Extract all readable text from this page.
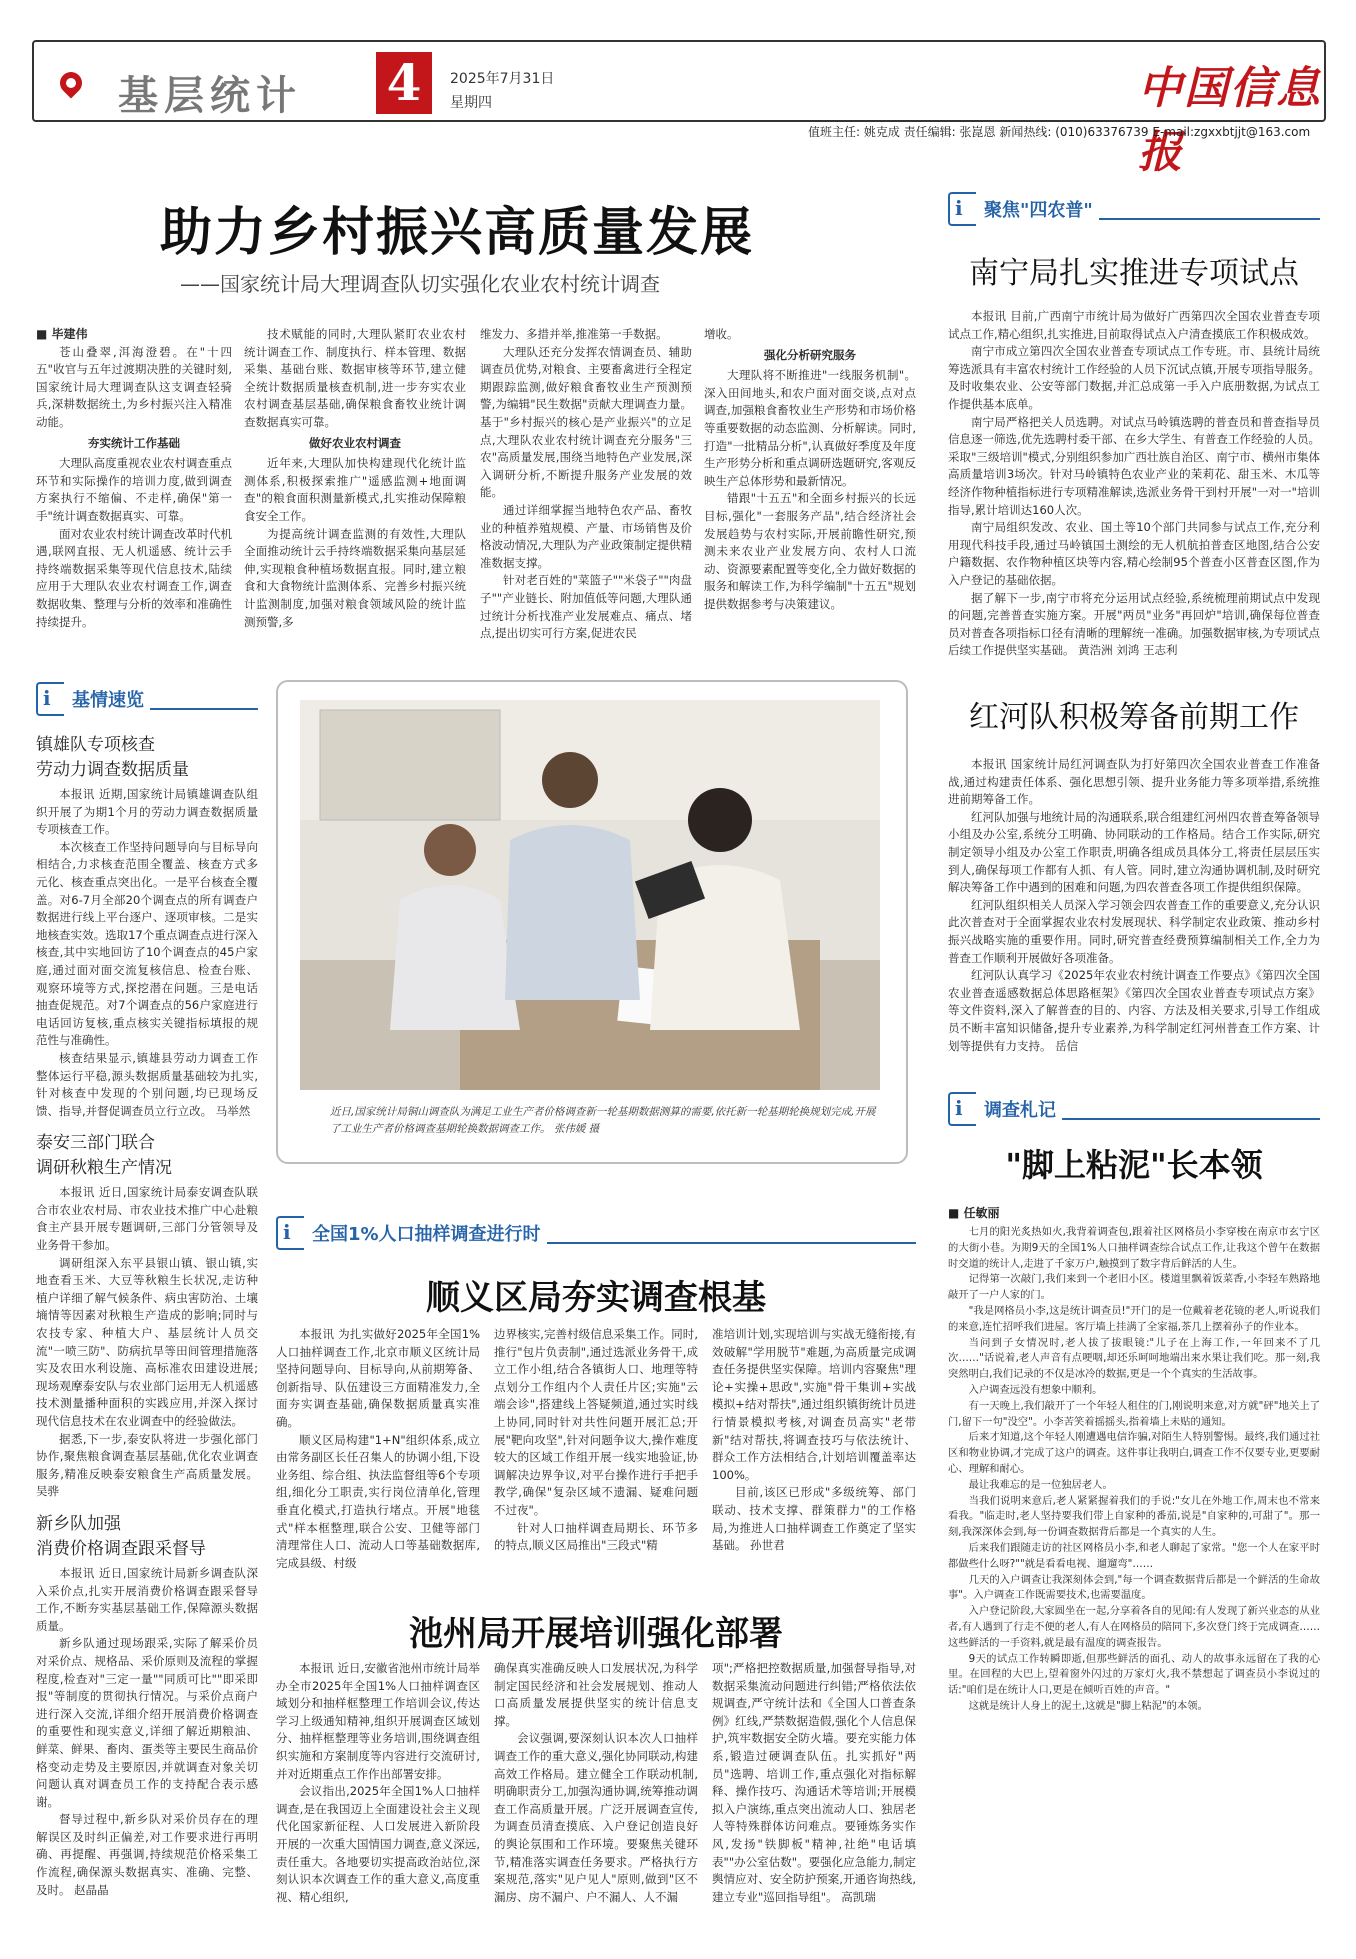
基层统计 4	2025年7月31日
星期四	中国信息报
值班主任: 姚克成 责任编辑: 张崑恩 新闻热线: (010)63376739 E-mail:zgxxbtjjt@163.com
助力乡村振兴高质量发展
——国家统计局大理调查队切实强化农业农村统计调查
■ 毕建伟

苍山叠翠,洱海澄碧。在"十四五"收官与五年过渡期决胜的关键时刻,国家统计局大理调查队这支调查轻骑兵,深耕数据统土,为乡村振兴注入精准动能。

夯实统计工作基础

大理队高度重视农业农村调查重点环节和实际操作的培训力度,做到调查方案执行不缩偏、不走样,确保"第一手"统计调查数据真实、可靠。

面对农业农村统计调查改革时代机遇,联网直报、无人机遥感、统计云手持终端数据采集等现代信息技术,陆续应用于大理队农业农村调查工作,调查数据收集、整理与分析的效率和准确性持续提升。

技术赋能的同时,大理队紧盯农业农村统计调查工作、制度执行、样本管理、数据采集、基础台账、数据审核等环节,建立健全统计数据质量核查机制,进一步夯实农业农村调查基层基础,确保粮食畜牧业统计调查数据真实可靠。

做好农业农村调查

近年来,大理队加快构建现代化统计监测体系,积极探索推广"遥感监测+地面调查"的粮食面积测量新模式,扎实推动保障粮食安全工作。

为提高统计调查监测的有效性,大理队全面推动统计云手持终端数据采集向基层延伸,实现粮食种植场数据直报。同时,建立粮食和大食物统计监测体系、完善乡村振兴统计监测制度,加强对粮食领域风险的统计监测预警,多

维发力、多措并举,推准第一手数据。

大理队还充分发挥农情调查员、辅助调查员优势,对粮食、主要畜禽进行全程定期跟踪监测,做好粮食畜牧业生产预测预警,为编辑"民生数据"贡献大理调查力量。基于"乡村振兴的核心是产业振兴"的立足点,大理队农业农村统计调查充分服务"三农"高质量发展,围绕当地特色产业发展,深入调研分析,不断提升服务产业发展的效能。

通过详细掌握当地特色农产品、畜牧业的种植养殖规模、产量、市场销售及价格波动情况,大理队为产业政策制定提供精准数据支撑。

针对老百姓的"菜篮子""米袋子""肉盘子""产业链长、附加值低等问题,大理队通过统计分析找准产业发展难点、痛点、堵点,提出切实可行方案,促进农民

增收。

强化分析研究服务

大理队将不断推进"一线服务机制"。深入田间地头,和农户面对面交谈,点对点调查,加强粮食畜牧业生产形势和市场价格等重要数据的动态监测、分析解读。同时,打造"一批精品分析",认真做好季度及年度生产形势分析和重点调研选题研究,客观反映生产总体形势和最新情况。

错跟"十五五"和全面乡村振兴的长远目标,强化"一套服务产品",结合经济社会发展趋势与农村实际,开展前瞻性研究,预测未来农业产业发展方向、农村人口流动、资源要素配置等变化,全力做好数据的服务和解读工作,为科学编制"十五五"规划提供数据参考与决策建议。

近日,国家统计局铜山调查队为满足工业生产者价格调查新一轮基期数据测算的需要,依托新一轮基期轮换规划完成,开展了工业生产者价格调查基期轮换数据调查工作。 张伟媛 摄
i
聚焦"四农普"
南宁局扎实推进专项试点

本报讯 目前,广西南宁市统计局为做好广西第四次全国农业普查专项试点工作,精心组织,扎实推进,目前取得试点入户清查摸底工作积极成效。

南宁市成立第四次全国农业普查专项试点工作专班。市、县统计局统筹选派具有丰富农村统计工作经验的人员下沉试点镇,开展专项指导服务。及时收集农业、公安等部门数据,并汇总成第一手入户底册数据,为试点工作提供基本底单。

南宁局严格把关人员选聘。对试点马岭镇选聘的普查员和普查指导员信息逐一筛选,优先选聘村委干部、在乡大学生、有普查工作经验的人员。采取"三级培训"模式,分别组织参加广西壮族自治区、南宁市、横州市集体高质量培训3场次。针对马岭镇特色农业产业的茉莉花、甜玉米、木瓜等经济作物种植指标进行专项精准解读,选派业务骨干到村开展"一对一"培训指导,累计培训达160人次。

南宁局组织发改、农业、国土等10个部门共同参与试点工作,充分利用现代科技手段,通过马岭镇国土测绘的无人机航拍普查区地图,结合公安户籍数据、农作物种植区块等内容,精心绘制95个普查小区普查区图,作为入户登记的基础依据。

据了解下一步,南宁市将充分运用试点经验,系统梳理前期试点中发现的问题,完善普查实施方案。开展"两员"业务"再回炉"培训,确保每位普查员对普查各项指标口径有清晰的理解统一准确。加强数据审核,为专项试点后续工作提供坚实基础。 黄浩洲 刘鸿 王志利

红河队积极筹备前期工作

本报讯 国家统计局红河调查队为打好第四次全国农业普查工作准备战,通过构建责任体系、强化思想引领、提升业务能力等多项举措,系统推进前期筹备工作。

红河队加强与地统计局的沟通联系,联合组建红河州四农普查筹备领导小组及办公室,系统分工明确、协同联动的工作格局。结合工作实际,研究制定领导小组及办公室工作职责,明确各组成员具体分工,将责任层层压实到人,确保每项工作都有人抓、有人管。同时,建立沟通协调机制,及时研究解决筹备工作中遇到的困难和问题,为四农普查各项工作提供组织保障。

红河队组织相关人员深入学习领会四农普查工作的重要意义,充分认识此次普查对于全面掌握农业农村发展现状、科学制定农业政策、推动乡村振兴战略实施的重要作用。同时,研究普查经费预算编制相关工作,全力为普查工作顺利开展做好各项准备。

红河队认真学习《2025年农业农村统计调查工作要点》《第四次全国农业普查遥感数据总体思路框架》《第四次全国农业普查专项试点方案》等文件资料,深入了解普查的目的、内容、方法及相关要求,引导工作组成员不断丰富知识储备,提升专业素养,为科学制定红河州普查工作方案、计划等提供有力支持。 岳信

i
基情速览
镇雄队专项核查
劳动力调查数据质量

本报讯 近期,国家统计局镇雄调查队组织开展了为期1个月的劳动力调查数据质量专项核查工作。

本次核查工作坚持问题导向与目标导向相结合,力求核查范围全覆盖、核查方式多元化、核查重点突出化。一是平台核查全覆盖。对6-7月全部20个调查点的所有调查户数据进行线上平台逐户、逐项审核。二是实地核查实效。选取17个重点调查点进行深入核查,其中实地回访了10个调查点的45户家庭,通过面对面交流复核信息、检查台账、观察环境等方式,探挖潜在问题。三是电话抽查促规范。对7个调查点的56户家庭进行电话回访复核,重点核实关键指标填报的规范性与准确性。

核查结果显示,镇雄县劳动力调查工作整体运行平稳,源头数据质量基础较为扎实,针对核查中发现的个别问题,均已现场反馈、指导,并督促调查员立行立改。 马举然

泰安三部门联合
调研秋粮生产情况

本报讯 近日,国家统计局泰安调查队联合市农业农村局、市农业技术推广中心赴粮食主产县开展专题调研,三部门分管领导及业务骨干参加。

调研组深入东平县银山镇、银山镇,实地查看玉米、大豆等秋粮生长状况,走访种植户详细了解气候条件、病虫害防治、土壤墒情等因素对秋粮生产造成的影响;同时与农技专家、种植大户、基层统计人员交流"一喷三防"、防病抗旱等田间管理措施落实及农田水利设施、高标准农田建设进展;现场观摩泰安队与农业部门运用无人机遥感技术测量播种面积的实践应用,并深入探讨现代信息技术在农业调查中的经验做法。

据悉,下一步,泰安队将进一步强化部门协作,聚焦粮食调查基层基础,优化农业调查服务,精准反映泰安粮食生产高质量发展。 吴骅

新乡队加强
消费价格调查跟采督导

本报讯 近日,国家统计局新乡调查队深入采价点,扎实开展消费价格调查跟采督导工作,不断夯实基层基础工作,保障源头数据质量。

新乡队通过现场跟采,实际了解采价员对采价点、规格品、采价原则及流程的掌握程度,检查对"三定一量""同质可比""即采即报"等制度的贯彻执行情况。与采价点商户进行深入交流,详细介绍开展消费价格调查的重要性和现实意义,详细了解近期粮油、鲜菜、鲜果、畜肉、蛋类等主要民生商品价格变动走势及主要原因,并就调查对象关切问题认真对调查员工作的支持配合表示感谢。

督导过程中,新乡队对采价员存在的理解误区及时纠正偏差,对工作要求进行再明确、再提醒、再强调,持续规范价格采集工作流程,确保源头数据真实、准确、完整、及时。 赵晶晶

i
全国1%人口抽样调查进行时
顺义区局夯实调查根基

本报讯 为扎实做好2025年全国1%人口抽样调查工作,北京市顺义区统计局坚持问题导向、目标导向,从前期筹备、创新指导、队伍建设三方面精准发力,全面夯实调查基础,确保数据质量真实准确。

顺义区局构建"1+N"组织体系,成立由常务副区长任召集人的协调小组,下设业务组、综合组、执法监督组等6个专项组,细化分工职责,实行岗位清单化,管理垂直化模式,打造执行堵点。开展"地毯式"样本框整理,联合公安、卫健等部门清理常住人口、流动人口等基础数据库,完成县级、村级

边界核实,完善村级信息采集工作。同时,推行"包片负责制",通过选派业务骨干,成立工作小组,结合各镇街人口、地理等特点划分工作组内个人责任片区;实施"云端会诊",搭建线上答疑频道,通过实时线上协同,同时针对共性问题开展汇总;开展"靶向攻坚",针对问题争议大,操作难度较大的区域工作组开展一线实地验证,协调解决边界争议,对平台操作进行手把手教学,确保"复杂区域不遗漏、疑难问题不过夜"。

针对人口抽样调查局期长、环节多的特点,顺义区局推出"三段式"精

准培训计划,实现培训与实战无缝衔接,有效破解"学用脱节"难题,为高质量完成调查任务提供坚实保障。培训内容聚焦"理论+实操+思政",实施"骨干集训+实战模拟+结对帮扶",通过组织镇街统计员进行情景模拟考核,对调查员高实"老带新"结对帮扶,将调查技巧与依法统计、群众工作方法相结合,计划培训覆盖率达100%。

目前,该区已形成"多级统筹、部门联动、技术支撑、群策群力"的工作格局,为推进人口抽样调查工作奠定了坚实基础。 孙世君

池州局开展培训强化部署

本报讯 近日,安徽省池州市统计局举办全市2025年全国1%人口抽样调查区域划分和抽样框整理工作培训会议,传达学习上级通知精神,组织开展调查区域划分、抽样框整理等业务培训,围绕调查组织实施和方案制度等内容进行交流研讨,并对近期重点工作作出部署安排。

会议指出,2025年全国1%人口抽样调查,是在我国迈上全面建设社会主义现代化国家新征程、人口发展进入新阶段开展的一次重大国情国力调查,意义深远,责任重大。各地要切实提高政治站位,深刻认识本次调查工作的重大意义,高度重视、精心组织,

确保真实准确反映人口发展状况,为科学制定国民经济和社会发展规划、推动人口高质量发展提供坚实的统计信息支撑。

会议强调,要深刻认识本次人口抽样调查工作的重大意义,强化协同联动,构建高效工作格局。建立健全工作联动机制,明确职责分工,加强沟通协调,统筹推动调查工作高质量开展。广泛开展调查宣传,为调查员清查摸底、入户登记创造良好的舆论氛围和工作环境。要聚焦关键环节,精准落实调查任务要求。严格执行方案规范,落实"见户见人"原则,做到"区不漏房、房不漏户、户不漏人、人不漏

项";严格把控数据质量,加强督导指导,对数据采集流动问题进行纠错;严格依法依规调查,严守统计法和《全国人口普查条例》红线,严禁数据造假,强化个人信息保护,筑牢数据安全防火墙。要充实能力体系,锻造过硬调查队伍。扎实抓好"两员"选聘、培训工作,重点强化对指标解释、操作技巧、沟通话术等培训;开展模拟入户演练,重点突出流动人口、独居老人等特殊群体访问难点。要锤炼务实作风,发扬"铁脚板"精神,社绝"电话填表""办公室估数"。要强化应急能力,制定舆情应对、安全防护预案,开通咨询热线,建立专业"巡回指导组"。 高凯瑞

i
调查札记
"脚上粘泥"长本领
■ 任敏丽

七月的阳光炙热如火,我背着调查包,跟着社区网格员小李穿梭在南京市玄宁区的大街小巷。为期9天的全国1%人口抽样调查综合试点工作,让我这个曾午在数据时交道的统计人,走进了千家万户,触摸到了数字背后鲜活的人生。

记得第一次敲门,我们来到一个老旧小区。楼道里飘着饭菜香,小李轻车熟路地敲开了一户人家的门。

"我是网格员小李,这是统计调查员!"开门的是一位戴着老花镜的老人,听说我们的来意,连忙招呼我们进屋。客厅墙上挂满了全家福,茶几上摆着孙子的作业本。

当问到子女情况时,老人拔了拔眼镜:"儿子在上海工作,一年回来不了几次……"话说着,老人声音有点哽咽,却还乐呵呵地端出来水果让我们吃。那一刻,我突然明白,我们记录的不仅是冰冷的数据,更是一个个真实的生活故事。

入户调查远没有想象中顺利。

有一天晚上,我们敲开了一个年轻人租住的门,刚说明来意,对方就"砰"地关上了门,留下一句"没空"。小李苦笑着摇摇头,指着墙上未贴的通知。

后来才知道,这个年轻人刚遭遇电信诈骗,对陌生人特别警惕。最终,我们通过社区和物业协调,才完成了这户的调查。这件事让我明白,调查工作不仅要专业,更要耐心、理解和耐心。

最让我难忘的是一位独居老人。

当我们说明来意后,老人紧紧握着我们的手说:"女儿在外地工作,周末也不常来看我。"临走时,老人坚持要我们带上自家种的番茄,说是"自家种的,可甜了"。那一刻,我深深体会到,每一份调查数据背后都是一个真实的人生。

后来我们跟随走访的社区网格员小李,和老人聊起了家常。"您一个人在家平时都做些什么呀?""就是看看电视、遛遛弯"……

几天的入户调查让我深刻体会到,"每一个调查数据背后都是一个鲜活的生命故事"。入户调查工作既需要技术,也需要温度。

入户登记阶段,大家圆坐在一起,分享着各自的见闻:有人发现了新兴业态的从业者,有人遇到了行走不便的老人,有人在网格员的陪同下,多次登门终于完成调查……这些鲜活的一手资料,就是最有温度的调查报告。

9天的试点工作转瞬即逝,但那些鲜活的面孔、动人的故事永远留在了我的心里。在回程的大巴上,望着窗外闪过的万家灯火,我不禁想起了调查员小李说过的话:"咱们是在统计人口,更是在倾听百姓的声音。"

这就是统计人身上的泥土,这就是"脚上粘泥"的本领。
